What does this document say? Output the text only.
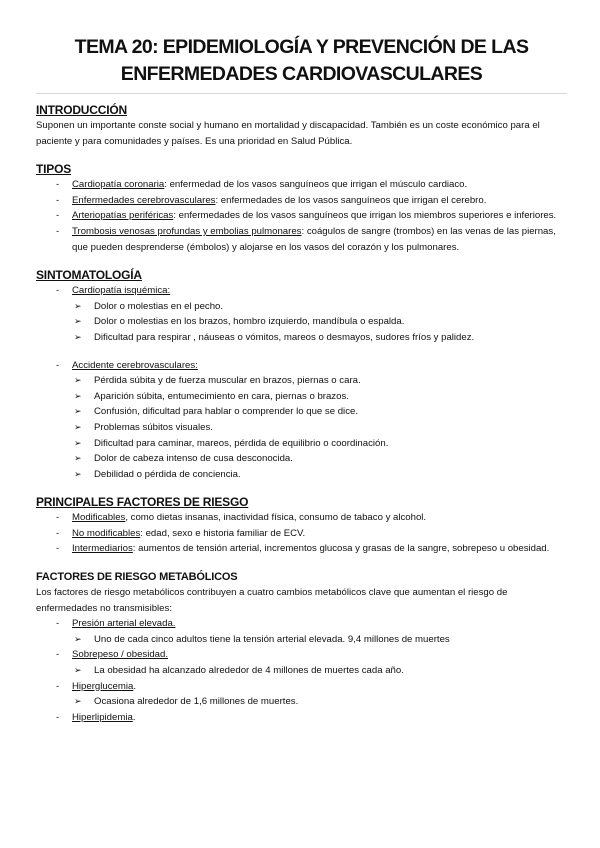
TEMA 20: EPIDEMIOLOGÍA Y PREVENCIÓN DE LAS
ENFERMEDADES CARDIOVASCULARES
INTRODUCCIÓN

Suponen un importante conste social y humano en mortalidad y discapacidad. También es un coste económico para el paciente y para comunidades y países. Es una prioridad en Salud Pública.

TIPOS
-	Cardiopatía coronaria: enfermedad de los vasos sanguíneos que irrigan el músculo cardiaco.
-	Enfermedades cerebrovasculares: enfermedades de los vasos sanguíneos que irrigan el cerebro.
-	Arteriopatías periféricas: enfermedades de los vasos sanguíneos que irrigan los miembros superiores e inferiores.
-	Trombosis venosas profundas y embolias pulmonares: coágulos de sangre (trombos) en las venas de las piernas, que pueden desprenderse (émbolos) y alojarse en los vasos del corazón y los pulmonares.
SINTOMATOLOGÍA
-	Cardiopatía isquémica:
➢ Dolor o molestias en el pecho.
➢ Dolor o molestias en los brazos, hombro izquierdo, mandíbula o espalda.
➢ Dificultad para respirar , náuseas o vómitos, mareos o desmayos, sudores fríos y palidez.
-	Accidente cerebrovasculares:
➢ Pérdida súbita y de fuerza muscular en brazos, piernas o cara.
➢ Aparición súbita, entumecimiento en cara, piernas o brazos.
➢ Confusión, dificultad para hablar o comprender lo que se dice.
➢ Problemas súbitos visuales.
➢ Dificultad para caminar, mareos, pérdida de equilibrio o coordinación.
➢ Dolor de cabeza intenso de cusa desconocida.
➢ Debilidad o pérdida de conciencia.
PRINCIPALES FACTORES DE RIESGO
-	Modificables, como dietas insanas, inactividad física, consumo de tabaco y alcohol.
-	No modificables: edad, sexo e historia familiar de ECV.
-	Intermediarios: aumentos de tensión arterial, incrementos glucosa y grasas de la sangre, sobrepeso u obesidad.
FACTORES DE RIESGO METABÓLICOS

Los factores de riesgo metabólicos contribuyen a cuatro cambios metabólicos clave que aumentan el riesgo de enfermedades no transmisibles:

-	Presión arterial elevada.
➢ Uno de cada cinco adultos tiene la tensión arterial elevada. 9,4 millones de muertes
-	Sobrepeso / obesidad.
➢ La obesidad ha alcanzado alrededor de 4 millones de muertes cada año.
-	Hiperglucemia.
➢ Ocasiona alrededor de 1,6 millones de muertes.
-	Hiperlipidemia.
